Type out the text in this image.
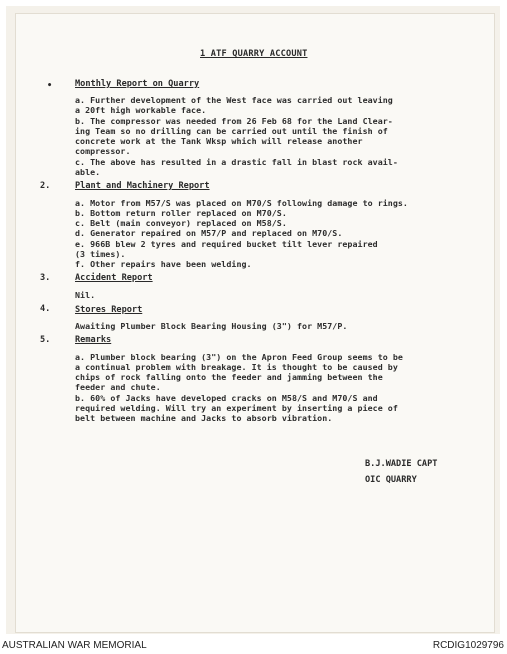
1 ATF QUARRY ACCOUNT
•	Monthly Report on Quarry
a. Further development of the West face was carried out leaving
a 20ft high workable face.
b. The compressor was needed from 26 Feb 68 for the Land Clear-
ing Team so no drilling can be carried out until the finish of
concrete work at the Tank Wksp which will release another
compressor.
c. The above has resulted in a drastic fall in blast rock avail-
able.
2.	Plant and Machinery Report
a. Motor from M57/S was placed on M70/S following damage to rings.
b. Bottom return roller replaced on M70/S.
c. Belt (main conveyor) replaced on M58/S.
d. Generator repaired on M57/P and replaced on M70/S.
e. 966B blew 2 tyres and required bucket tilt lever repaired
(3 times).
f. Other repairs have been welding.
3.	Accident Report
Nil.
4.	Stores Report
Awaiting Plumber Block Bearing Housing (3") for M57/P.
5.	Remarks
a. Plumber block bearing (3") on the Apron Feed Group seems to be
a continual problem with breakage. It is thought to be caused by
chips of rock falling onto the feeder and jamming between the
feeder and chute.
b. 60% of Jacks have developed cracks on M58/S and M70/S and
required welding. Will try an experiment by inserting a piece of
belt between machine and Jacks to absorb vibration.
B.J.WADIE CAPT
OIC QUARRY
AUSTRALIAN WAR MEMORIAL	RCDIG1029796
